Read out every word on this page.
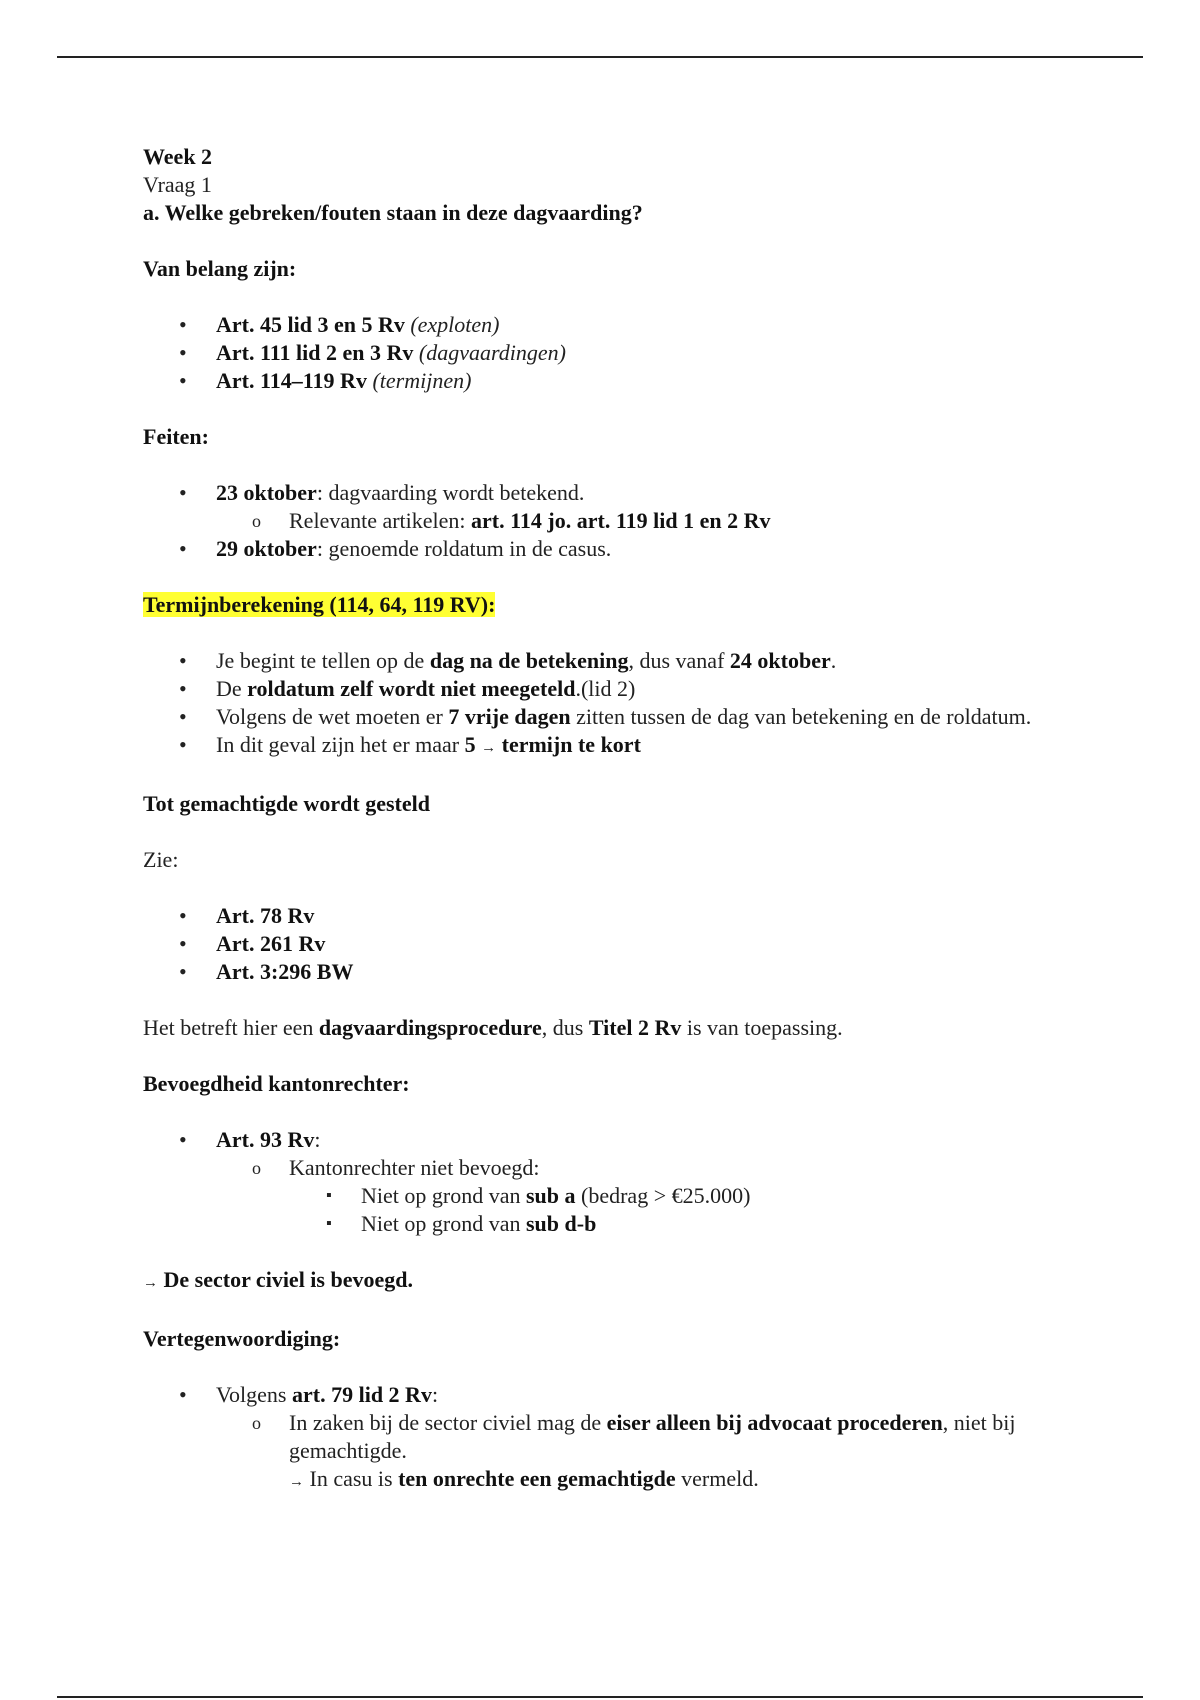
Week 2

Vraag 1

a. Welke gebreken/fouten staan in deze dagvaarding?

Van belang zijn:

• Art. 45 lid 3 en 5 Rv (exploten)
• Art. 111 lid 2 en 3 Rv (dagvaardingen)
• Art. 114–119 Rv (termijnen)

Feiten:

• 23 oktober: dagvaarding wordt betekend.
o Relevante artikelen: art. 114 jo. art. 119 lid 1 en 2 Rv
• 29 oktober: genoemde roldatum in de casus.

Termijnberekening (114, 64, 119 RV):

• Je begint te tellen op de dag na de betekening, dus vanaf 24 oktober.
• De roldatum zelf wordt niet meegeteld.(lid 2)
• Volgens de wet moeten er 7 vrije dagen zitten tussen de dag van betekening en de roldatum.
• In dit geval zijn het er maar 5 → termijn te kort

Tot gemachtigde wordt gesteld

Zie:

• Art. 78 Rv
• Art. 261 Rv
• Art. 3:296 BW

Het betreft hier een dagvaardingsprocedure, dus Titel 2 Rv is van toepassing.

Bevoegdheid kantonrechter:

• Art. 93 Rv:
o Kantonrechter niet bevoegd:
▪ Niet op grond van sub a (bedrag > €25.000)
▪ Niet op grond van sub d-b

→ De sector civiel is bevoegd.

Vertegenwoordiging:

• Volgens art. 79 lid 2 Rv:
o In zaken bij de sector civiel mag de eiser alleen bij advocaat procederen, niet bij gemachtigde.

→ In casu is ten onrechte een gemachtigde vermeld.
